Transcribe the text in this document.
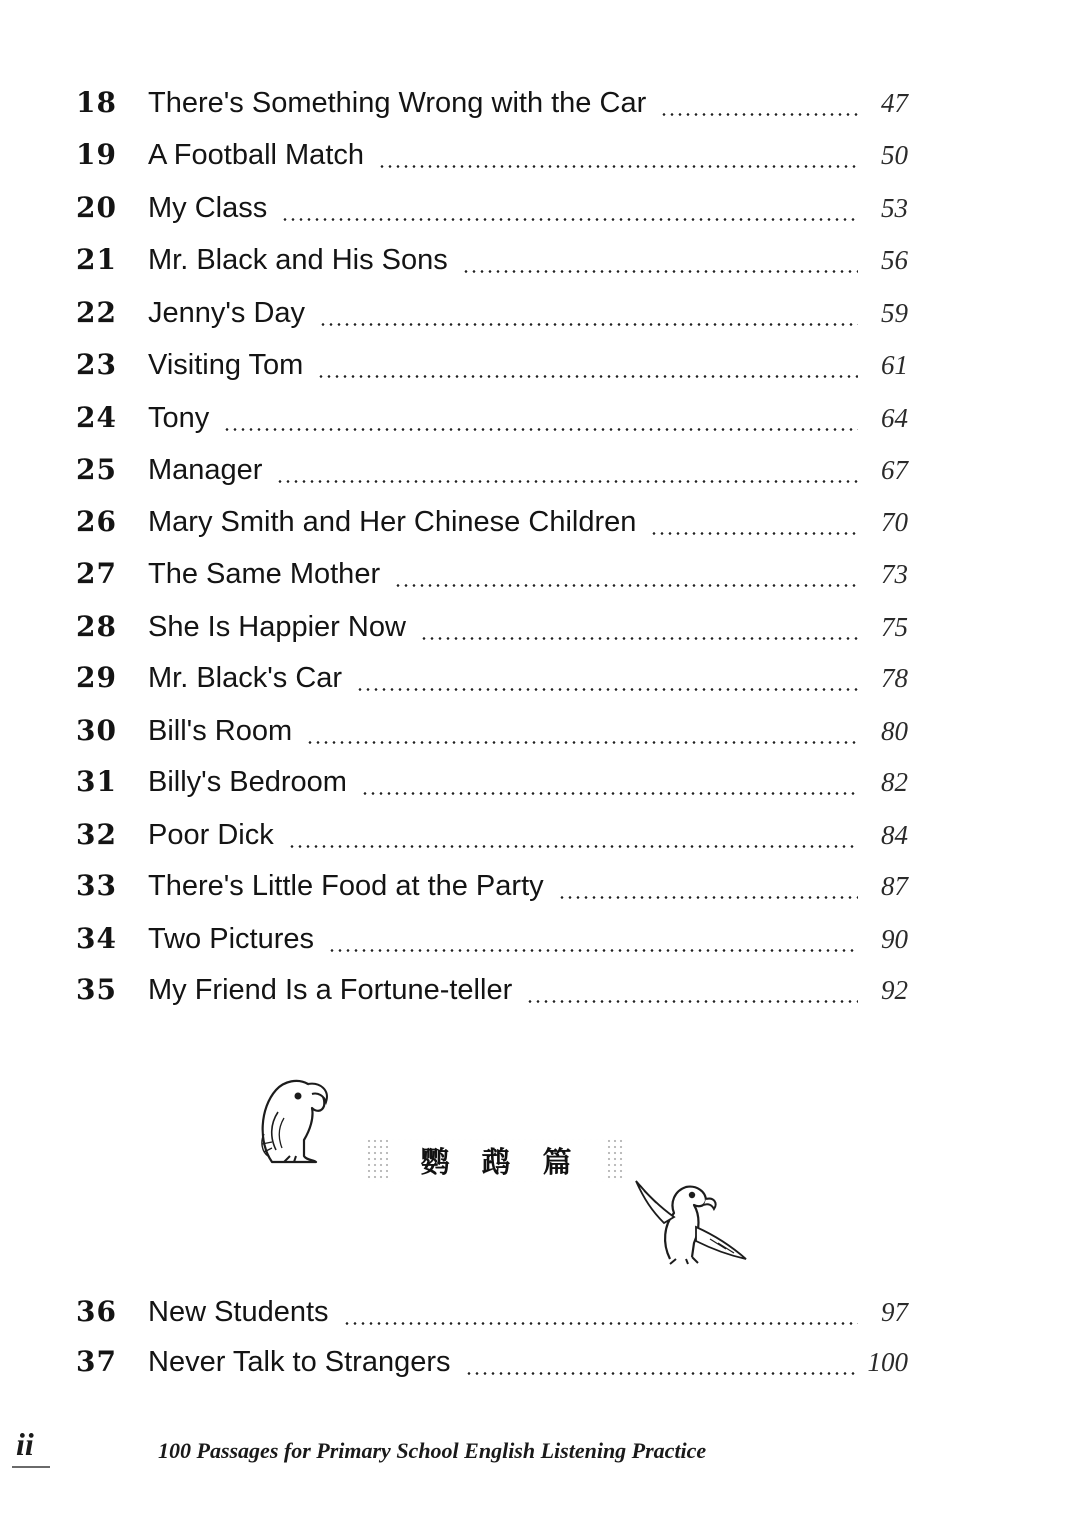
18	There's Something Wrong with the Car	47
19	A Football Match	50
20	My Class	53
21	Mr. Black and His Sons	56
22	Jenny's Day	59
23	Visiting Tom	61
24	Tony	64
25	Manager	67
26	Mary Smith and Her Chinese Children	70
27	The Same Mother	73
28	She Is Happier Now	75
29	Mr. Black's Car	78
30	Bill's Room	80
31	Billy's Bedroom	82
32	Poor Dick	84
33	There's Little Food at the Party	87
34	Two Pictures	90
35	My Friend Is a Fortune-teller	92
鹦鹉篇
36	New Students	97
37	Never Talk to Strangers	100
ii	100 Passages for Primary School English Listening Practice
